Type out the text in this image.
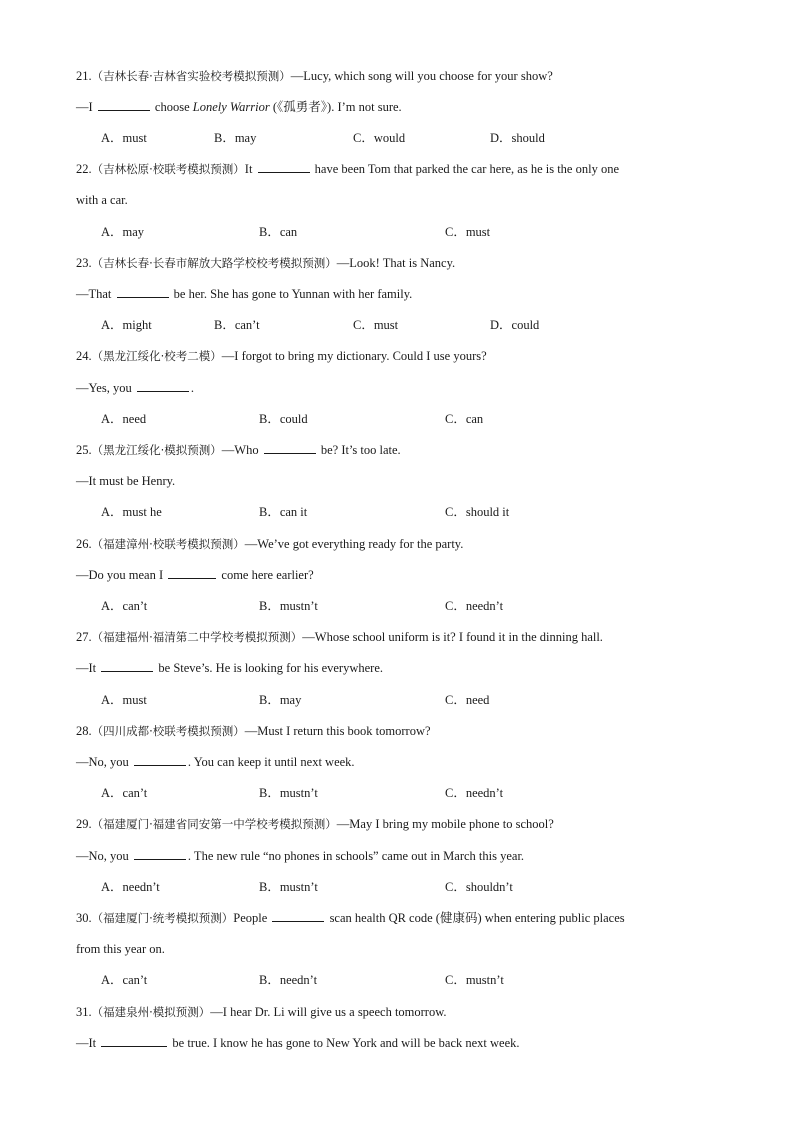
21.（吉林长春·吉林省实验校考模拟预测）—Lucy, which song will you choose for your show?
—I	choose Lonely Warrior (《孤勇者》). I’m not sure.
A．must	B．may	C．would	D．should
22.（吉林松原·校联考模拟预测）It	have been Tom that parked the car here, as he is the only one
with a car.
A．may	B．can	C．must
23.（吉林长春·长春市解放大路学校校考模拟预测）—Look! That is Nancy.
—That	be her. She has gone to Yunnan with her family.
A．might	B．can’t	C．must	D．could
24.（黑龙江绥化·校考二模）—I forgot to bring my dictionary. Could I use yours?
—Yes, you	.
A．need	B．could	C．can
25.（黑龙江绥化·模拟预测）—Who	be? It’s too late.
—It must be Henry.
A．must he	B．can it	C．should it
26.（福建漳州·校联考模拟预测）—We’ve got everything ready for the party.
—Do you mean I	come here earlier?
A．can’t	B．mustn’t	C．needn’t
27.（福建福州·福清第二中学校考模拟预测）—Whose school uniform is it? I found it in the dinning hall.
—It	be Steve’s. He is looking for his everywhere.
A．must	B．may	C．need
28.（四川成都·校联考模拟预测）—Must I return this book tomorrow?
—No, you	. You can keep it until next week.
A．can’t	B．mustn’t	C．needn’t
29.（福建厦门·福建省同安第一中学校考模拟预测）—May I bring my mobile phone to school?
—No, you	. The new rule “no phones in schools” came out in March this year.
A．needn’t	B．mustn’t	C．shouldn’t
30.（福建厦门·统考模拟预测）People	scan health QR code (健康码) when entering public places
from this year on.
A．can’t	B．needn’t	C．mustn’t
31.（福建泉州·模拟预测）—I hear Dr. Li will give us a speech tomorrow.
—It	be true. I know he has gone to New York and will be back next week.
